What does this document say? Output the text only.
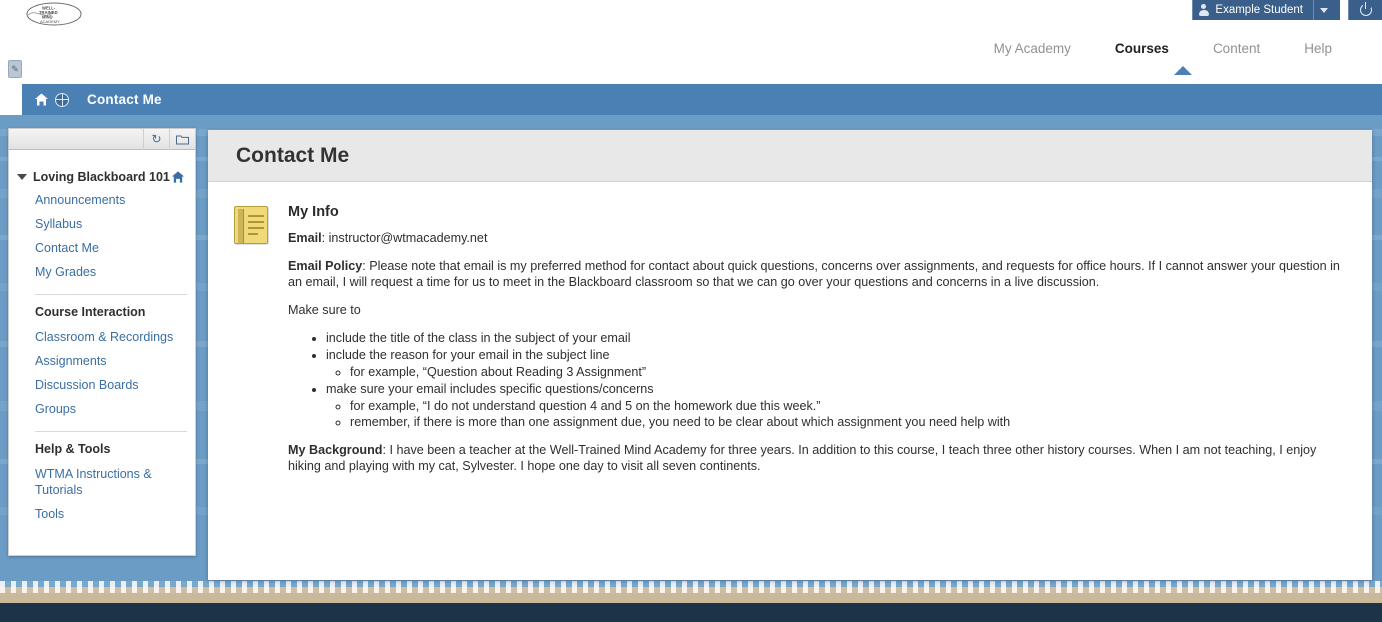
WELL-
TRAINED
MIND
ACADEMY
Example Student
My Academy	Courses	Content	Help
Contact Me
✎
↻
Loving Blackboard 101
Announcements
Syllabus
Contact Me
My Grades
Course Interaction
Classroom & Recordings
Assignments
Discussion Boards
Groups
Help & Tools
WTMA Instructions & Tutorials
Tools
Contact Me
My Info

Email: instructor@wtmacademy.net

Email Policy: Please note that email is my preferred method for contact about quick questions, concerns over assignments, and requests for office hours. If I cannot answer your question in an email, I will request a time for us to meet in the Blackboard classroom so that we can go over your questions and concerns in a live discussion.

Make sure to

• include the title of the class in the subject of your email
• include the reason for your email in the subject line
◦ for example, “Question about Reading 3 Assignment”
• make sure your email includes specific questions/concerns
◦ for example, “I do not understand question 4 and 5 on the homework due this week.”
◦ remember, if there is more than one assignment due, you need to be clear about which assignment you need help with

My Background: I have been a teacher at the Well-Trained Mind Academy for three years. In addition to this course, I teach three other history courses. When I am not teaching, I enjoy hiking and playing with my cat, Sylvester. I hope one day to visit all seven continents.
